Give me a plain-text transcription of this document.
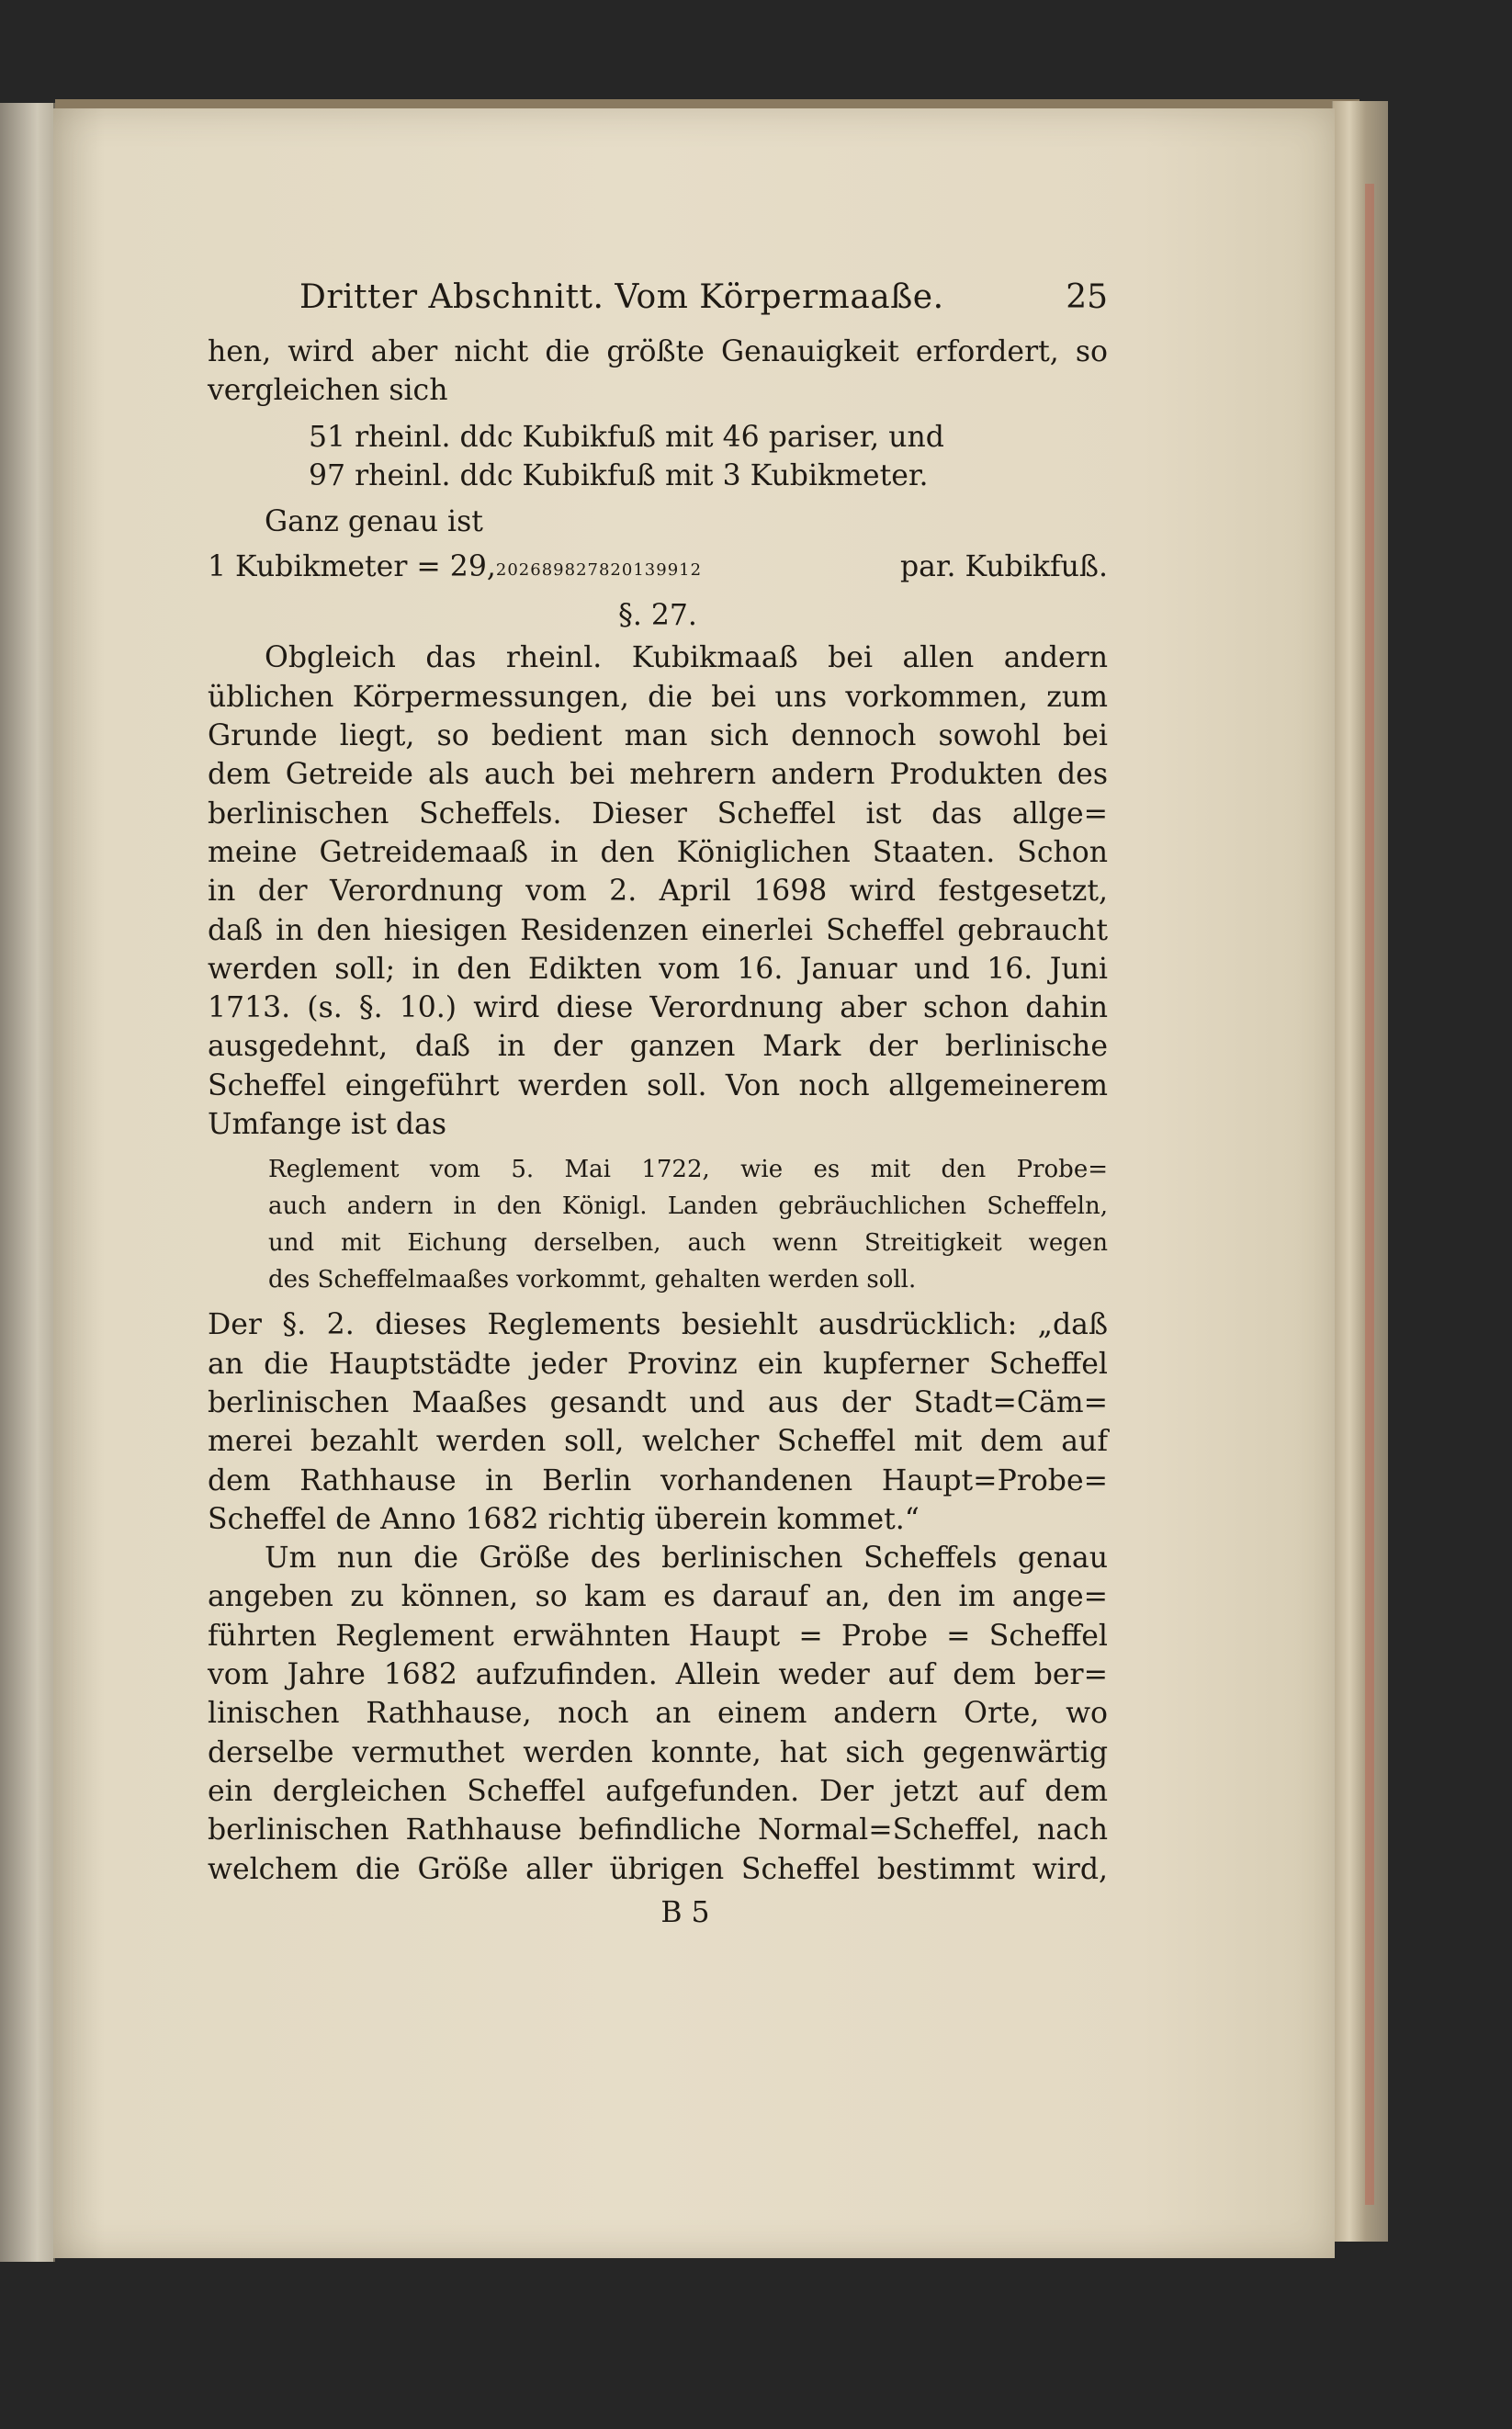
Dritter Abschnitt. Vom Körpermaaße.	25
hen, wird aber nicht die größte Genauigkeit erfordert, so
vergleichen sich
51 rheinl. ddc Kubikfuß mit 46 pariser, und
97 rheinl. ddc Kubikfuß mit 3 Kubikmeter.
Ganz genau ist
1 Kubikmeter = 29,202689827820139912	par. Kubikfuß.
§. 27.
Obgleich das rheinl. Kubikmaaß bei allen andern
üblichen Körpermessungen, die bei uns vorkommen, zum
Grunde liegt, so bedient man sich dennoch sowohl bei
dem Getreide als auch bei mehrern andern Produkten des
berlinischen Scheffels. Dieser Scheffel ist das allge=
meine Getreidemaaß in den Königlichen Staaten. Schon
in der Verordnung vom 2. April 1698 wird festgesetzt,
daß in den hiesigen Residenzen einerlei Scheffel gebraucht
werden soll; in den Edikten vom 16. Januar und 16. Juni
1713. (s. §. 10.) wird diese Verordnung aber schon dahin
ausgedehnt, daß in der ganzen Mark der berlinische
Scheffel eingeführt werden soll. Von noch allgemeinerem
Umfange ist das
Reglement vom 5. Mai 1722, wie es mit den Probe=
auch andern in den Königl. Landen gebräuchlichen Scheffeln,
und mit Eichung derselben, auch wenn Streitigkeit wegen
des Scheffelmaaßes vorkommt, gehalten werden soll.
Der §. 2. dieses Reglements besiehlt ausdrücklich: „daß
an die Hauptstädte jeder Provinz ein kupferner Scheffel
berlinischen Maaßes gesandt und aus der Stadt=Cäm=
merei bezahlt werden soll, welcher Scheffel mit dem auf
dem Rathhause in Berlin vorhandenen Haupt=Probe=
Scheffel de Anno 1682 richtig überein kommet.“
Um nun die Größe des berlinischen Scheffels genau
angeben zu können, so kam es darauf an, den im ange=
führten Reglement erwähnten Haupt = Probe = Scheffel
vom Jahre 1682 aufzufinden. Allein weder auf dem ber=
linischen Rathhause, noch an einem andern Orte, wo
derselbe vermuthet werden konnte, hat sich gegenwärtig
ein dergleichen Scheffel aufgefunden. Der jetzt auf dem
berlinischen Rathhause befindliche Normal=Scheffel, nach
welchem die Größe aller übrigen Scheffel bestimmt wird,
B 5
